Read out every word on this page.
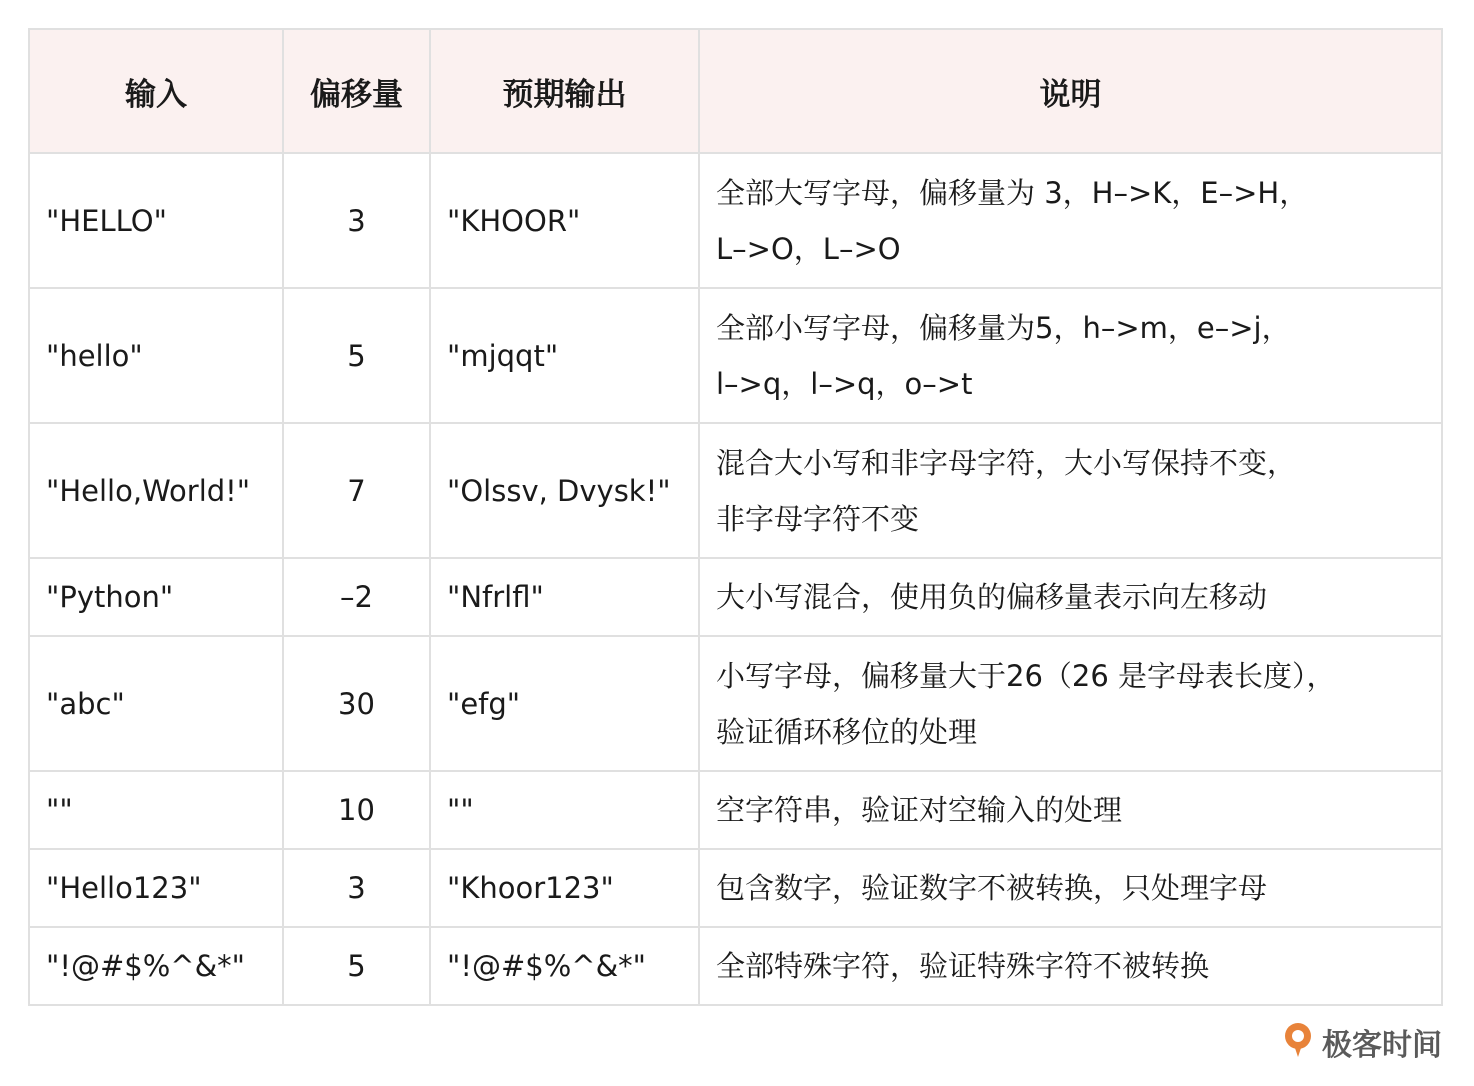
输入	偏移量	预期输出	说明
"HELLO"	3	"KHOOR"	全部大写字母，偏移量为 3，H–>K，E–>H，
L–>O，L–>O

"hello"	5	"mjqqt"	全部小写字母，偏移量为5，h–>m，e–>j，
l–>q，l–>q，o–>t

"Hello,World!"	7	"Olssv, Dvysk!"	混合大小写和非字母字符，大小写保持不变，
非字母字符不变

"Python"	–2	"Nfrlfl"	大小写混合，使用负的偏移量表示向左移动
"abc"	30	"efg"	小写字母，偏移量大于26（26 是字母表长度），
验证循环移位的处理

""	10	""	空字符串，验证对空输入的处理
"Hello123"	3	"Khoor123"	包含数字，验证数字不被转换，只处理字母
"!@#$%^&*"	5	"!@#$%^&*"	全部特殊字符，验证特殊字符不被转换
极客时间
